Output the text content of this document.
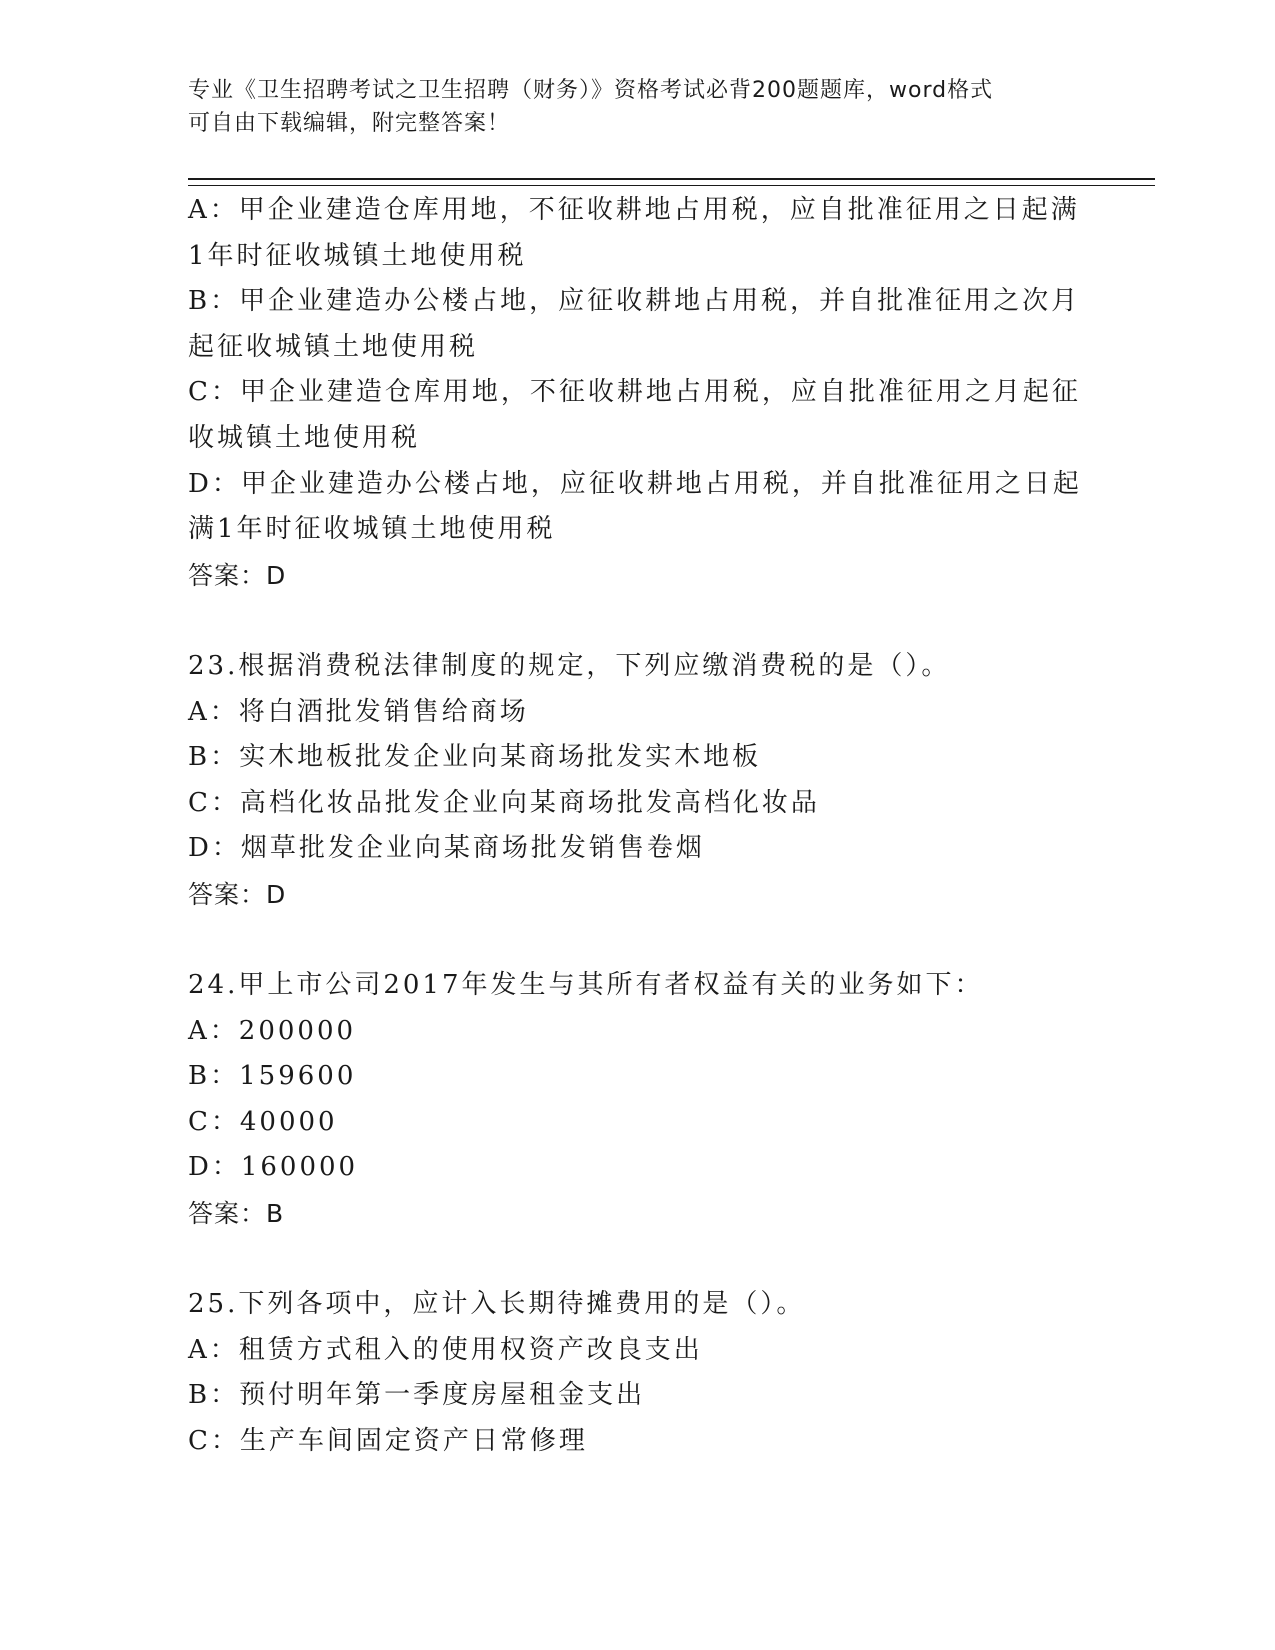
专业《卫生招聘考试之卫生招聘（财务）》资格考试必背200题题库，word格式
可自由下载编辑，附完整答案！
A：甲企业建造仓库用地，不征收耕地占用税，应自批准征用之日起满
1年时征收城镇土地使用税
B：甲企业建造办公楼占地，应征收耕地占用税，并自批准征用之次月
起征收城镇土地使用税
C：甲企业建造仓库用地，不征收耕地占用税，应自批准征用之月起征
收城镇土地使用税
D：甲企业建造办公楼占地，应征收耕地占用税，并自批准征用之日起
满1年时征收城镇土地使用税
答案：D
23.根据消费税法律制度的规定，下列应缴消费税的是（）。
A：将白酒批发销售给商场
B：实木地板批发企业向某商场批发实木地板
C：高档化妆品批发企业向某商场批发高档化妆品
D：烟草批发企业向某商场批发销售卷烟
答案：D
24.甲上市公司2017年发生与其所有者权益有关的业务如下：
A：200000
B：159600
C：40000
D：160000
答案：B
25.下列各项中，应计入长期待摊费用的是（）。
A：租赁方式租入的使用权资产改良支出
B：预付明年第一季度房屋租金支出
C：生产车间固定资产日常修理
